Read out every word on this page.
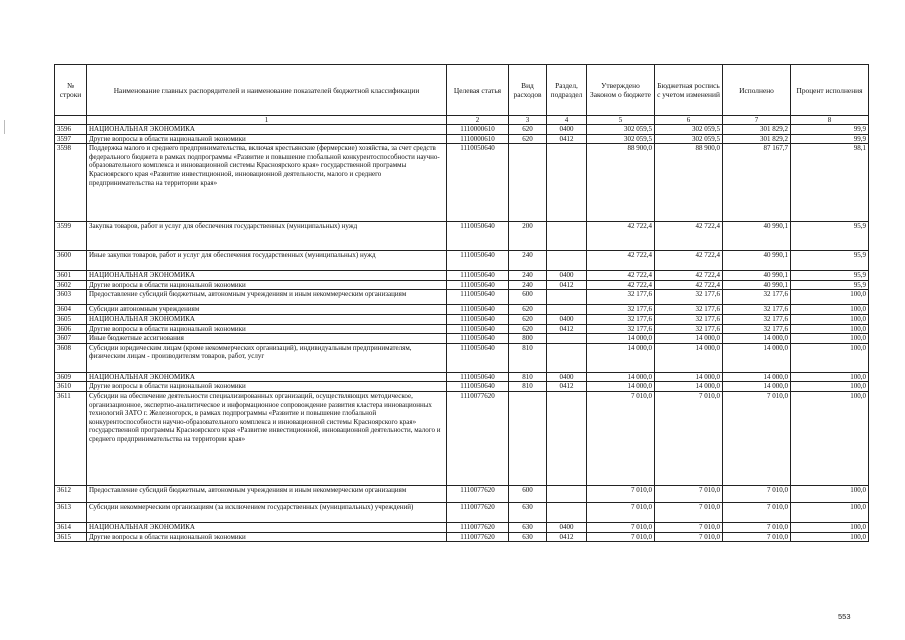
№ строки	Наименование главных распорядителей и наименование показателей бюджетной классификации	Целевая статья	Вид расходов	Раздел, подраздел	Утверждено Законом о бюджете	Бюджетная роспись с учетом изменений	Исполнено	Процент исполнения
	1	2	3	4	5	6	7	8
3596	НАЦИОНАЛЬНАЯ ЭКОНОМИКА	1110000610	620	0400	302 059,5	302 059,5	301 829,2	99,9
3597	Другие вопросы в области национальной экономики	1110000610	620	0412	302 059,5	302 059,5	301 829,2	99,9
3598	Поддержка малого и среднего предпринимательства, включая крестьянские (фермерские) хозяйства, за счет средств федерального бюджета в рамках подпрограммы «Развитие и повышение глобальной конкурентоспособности научно-образовательного комплекса и инновационной системы Красноярского края» государственной программы Красноярского края «Развитие инвестиционной, инновационной деятельности, малого и среднего предпринимательства на территории края»	1110050640			88 900,0	88 900,0	87 167,7	98,1
3599	Закупка товаров, работ и услуг для обеспечения государственных (муниципальных) нужд	1110050640	200		42 722,4	42 722,4	40 990,1	95,9
3600	Иные закупки товаров, работ и услуг для обеспечения государственных (муниципальных) нужд	1110050640	240		42 722,4	42 722,4	40 990,1	95,9
3601	НАЦИОНАЛЬНАЯ ЭКОНОМИКА	1110050640	240	0400	42 722,4	42 722,4	40 990,1	95,9
3602	Другие вопросы в области национальной экономики	1110050640	240	0412	42 722,4	42 722,4	40 990,1	95,9
3603	Предоставление субсидий бюджетным, автономным учреждениям и иным некоммерческим организациям	1110050640	600		32 177,6	32 177,6	32 177,6	100,0
3604	Субсидии автономным учреждениям	1110050640	620		32 177,6	32 177,6	32 177,6	100,0
3605	НАЦИОНАЛЬНАЯ ЭКОНОМИКА	1110050640	620	0400	32 177,6	32 177,6	32 177,6	100,0
3606	Другие вопросы в области национальной экономики	1110050640	620	0412	32 177,6	32 177,6	32 177,6	100,0
3607	Иные бюджетные ассигнования	1110050640	800		14 000,0	14 000,0	14 000,0	100,0
3608	Субсидии юридическим лицам (кроме некоммерческих организаций), индивидуальным предпринимателям, физическим лицам - производителям товаров, работ, услуг	1110050640	810		14 000,0	14 000,0	14 000,0	100,0
3609	НАЦИОНАЛЬНАЯ ЭКОНОМИКА	1110050640	810	0400	14 000,0	14 000,0	14 000,0	100,0
3610	Другие вопросы в области национальной экономики	1110050640	810	0412	14 000,0	14 000,0	14 000,0	100,0
3611	Субсидии на обеспечение деятельности специализированных организаций, осуществляющих методическое, организационное, экспертно-аналитическое и информационное сопровождение развития кластера инновационных технологий ЗАТО г. Железногорск, в рамках подпрограммы «Развитие и повышение глобальной конкурентоспособности научно-образовательного комплекса и инновационной системы Красноярского края» государственной программы Красноярского края «Развитие инвестиционной, инновационной деятельности, малого и среднего предпринимательства на территории края»	1110077620			7 010,0	7 010,0	7 010,0	100,0
3612	Предоставление субсидий бюджетным, автономным учреждениям и иным некоммерческим организациям	1110077620	600		7 010,0	7 010,0	7 010,0	100,0
3613	Субсидии некоммерческим организациям (за исключением государственных (муниципальных) учреждений)	1110077620	630		7 010,0	7 010,0	7 010,0	100,0
3614	НАЦИОНАЛЬНАЯ ЭКОНОМИКА	1110077620	630	0400	7 010,0	7 010,0	7 010,0	100,0
3615	Другие вопросы в области национальной экономики	1110077620	630	0412	7 010,0	7 010,0	7 010,0	100,0
553
